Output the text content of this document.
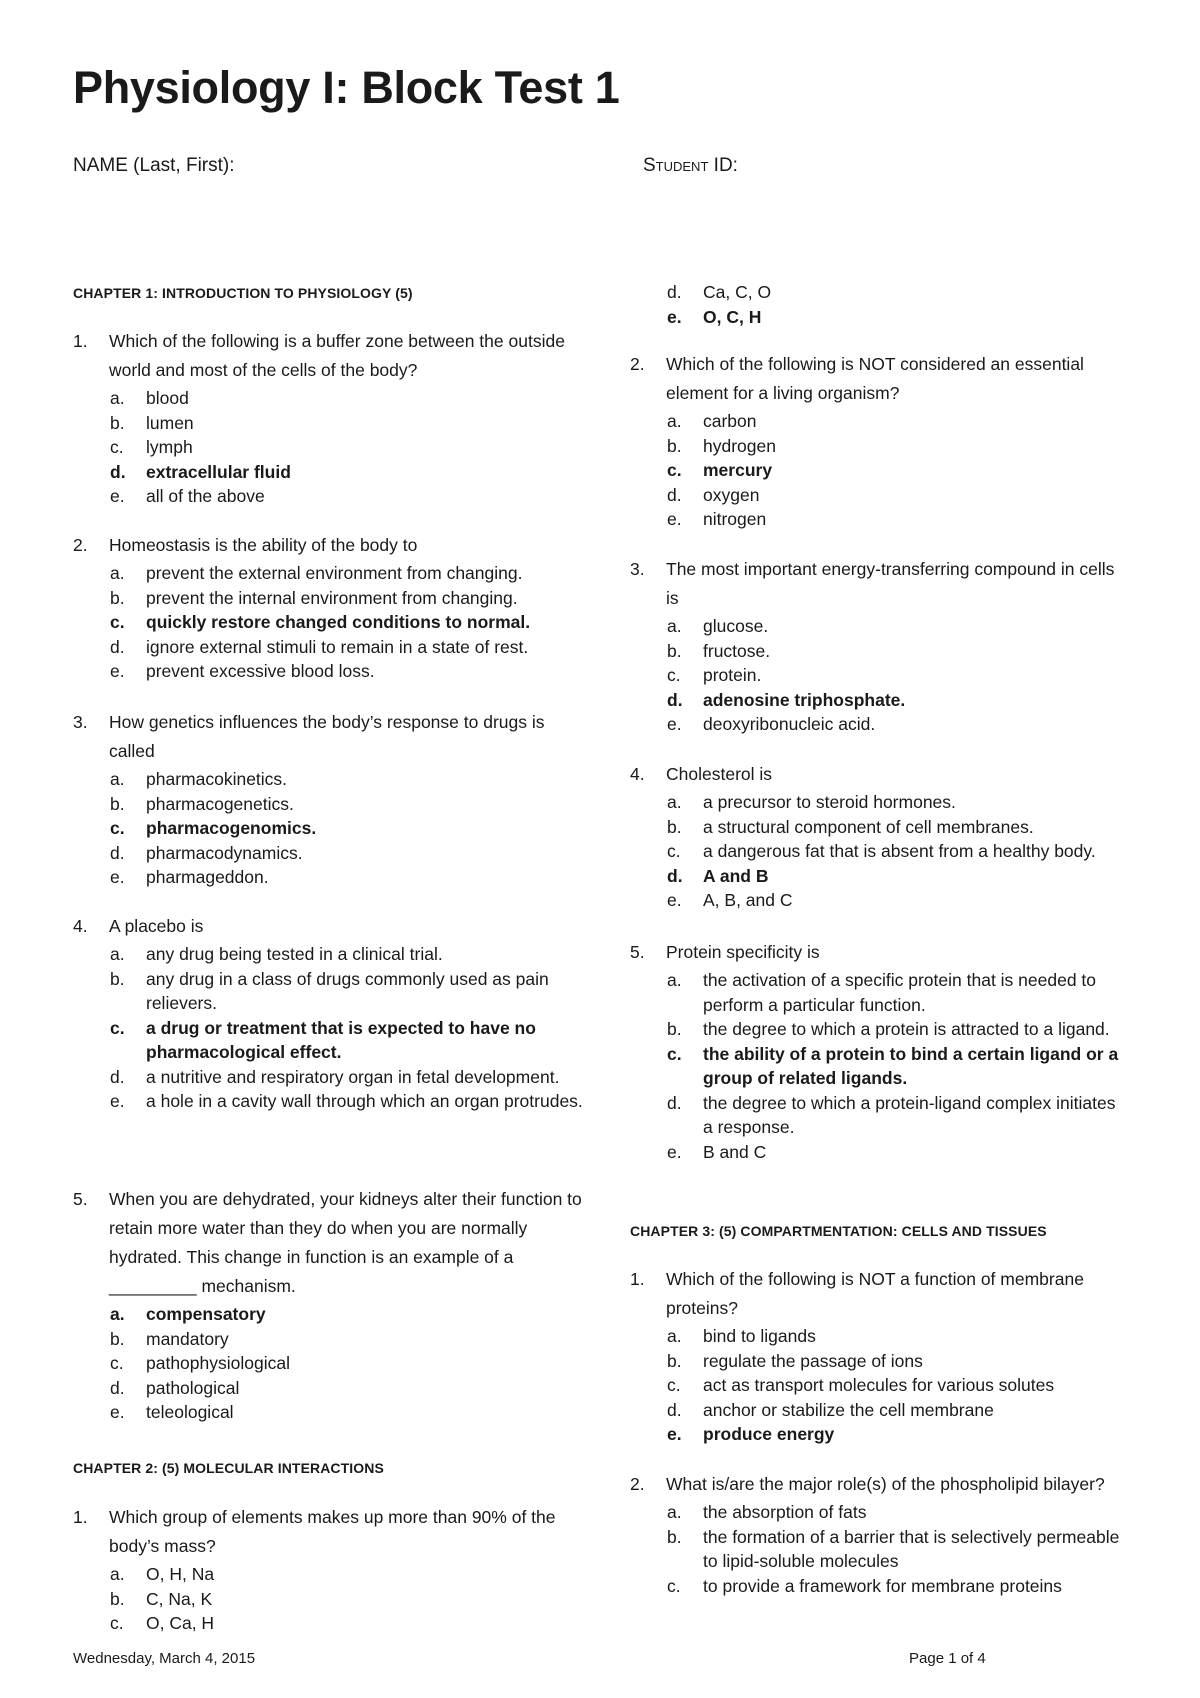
Physiology I: Block Test 1
NAME (Last, First):	Student ID:
CHAPTER 1: INTRODUCTION TO PHYSIOLOGY (5)
1. Which of the following is a buffer zone between the outside world and most of the cells of the body?
a. blood
b. lumen
c. lymph
d. extracellular fluid
e. all of the above
2. Homeostasis is the ability of the body to
a. prevent the external environment from changing.
b. prevent the internal environment from changing.
c. quickly restore changed conditions to normal.
d. ignore external stimuli to remain in a state of rest.
e. prevent excessive blood loss.
3. How genetics influences the body’s response to drugs is called
a. pharmacokinetics.
b. pharmacogenetics.
c. pharmacogenomics.
d. pharmacodynamics.
e. pharmageddon.
4. A placebo is
a. any drug being tested in a clinical trial.
b. any drug in a class of drugs commonly used as pain relievers.
c. a drug or treatment that is expected to have no pharmacological effect.
d. a nutritive and respiratory organ in fetal development.
e. a hole in a cavity wall through which an organ protrudes.
5. When you are dehydrated, your kidneys alter their function to retain more water than they do when you are normally hydrated. This change in function is an example of a _________ mechanism.
a. compensatory
b. mandatory
c. pathophysiological
d. pathological
e. teleological
CHAPTER 2: (5) MOLECULAR INTERACTIONS
1. Which group of elements makes up more than 90% of the body’s mass?
a. O, H, Na
b. C, Na, K
c. O, Ca, H
d. Ca, C, O
e. O, C, H
2. Which of the following is NOT considered an essential element for a living organism?
a. carbon
b. hydrogen
c. mercury
d. oxygen
e. nitrogen
3. The most important energy-transferring compound in cells is
a. glucose.
b. fructose.
c. protein.
d. adenosine triphosphate.
e. deoxyribonucleic acid.
4. Cholesterol is
a. a precursor to steroid hormones.
b. a structural component of cell membranes.
c. a dangerous fat that is absent from a healthy body.
d. A and B
e. A, B, and C
5. Protein specificity is
a. the activation of a specific protein that is needed to perform a particular function.
b. the degree to which a protein is attracted to a ligand.
c. the ability of a protein to bind a certain ligand or a group of related ligands.
d. the degree to which a protein-ligand complex initiates a response.
e. B and C
CHAPTER 3: (5) COMPARTMENTATION: CELLS AND TISSUES
1. Which of the following is NOT a function of membrane proteins?
a. bind to ligands
b. regulate the passage of ions
c. act as transport molecules for various solutes
d. anchor or stabilize the cell membrane
e. produce energy
2. What is/are the major role(s) of the phospholipid bilayer?
a. the absorption of fats
b. the formation of a barrier that is selectively permeable to lipid-soluble molecules
c. to provide a framework for membrane proteins
Wednesday, March 4, 2015	Page 1 of 4
